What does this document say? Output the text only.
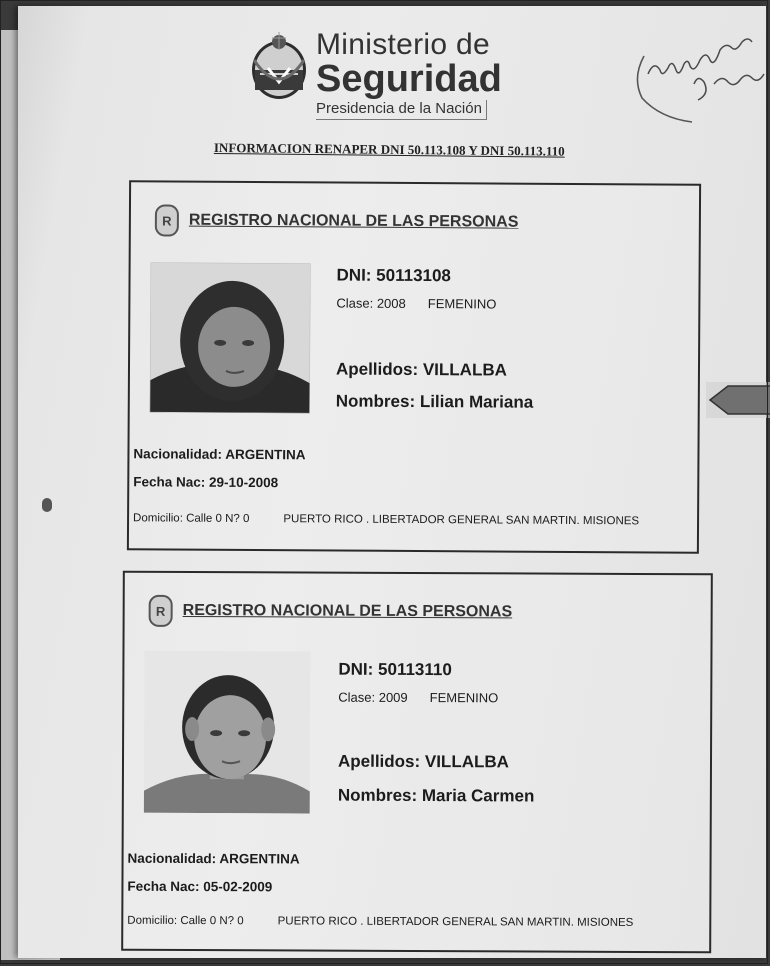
Ministerio de
Seguridad
Presidencia de la Nación
INFORMACION RENAPER DNI 50.113.108 Y DNI 50.113.110
R	REGISTRO NACIONAL DE LAS PERSONAS
DNI: 50113108
Clase: 2008 FEMENINO
Apellidos: VILLALBA
Nombres: Lilian Mariana
Nacionalidad: ARGENTINA
Fecha Nac: 29-10-2008
Domicilio: Calle 0 N? 0	PUERTO RICO . LIBERTADOR GENERAL SAN MARTIN. MISIONES
R	REGISTRO NACIONAL DE LAS PERSONAS
DNI: 50113110
Clase: 2009 FEMENINO
Apellidos: VILLALBA
Nombres: Maria Carmen
Nacionalidad: ARGENTINA
Fecha Nac: 05-02-2009
Domicilio: Calle 0 N? 0	PUERTO RICO . LIBERTADOR GENERAL SAN MARTIN. MISIONES
